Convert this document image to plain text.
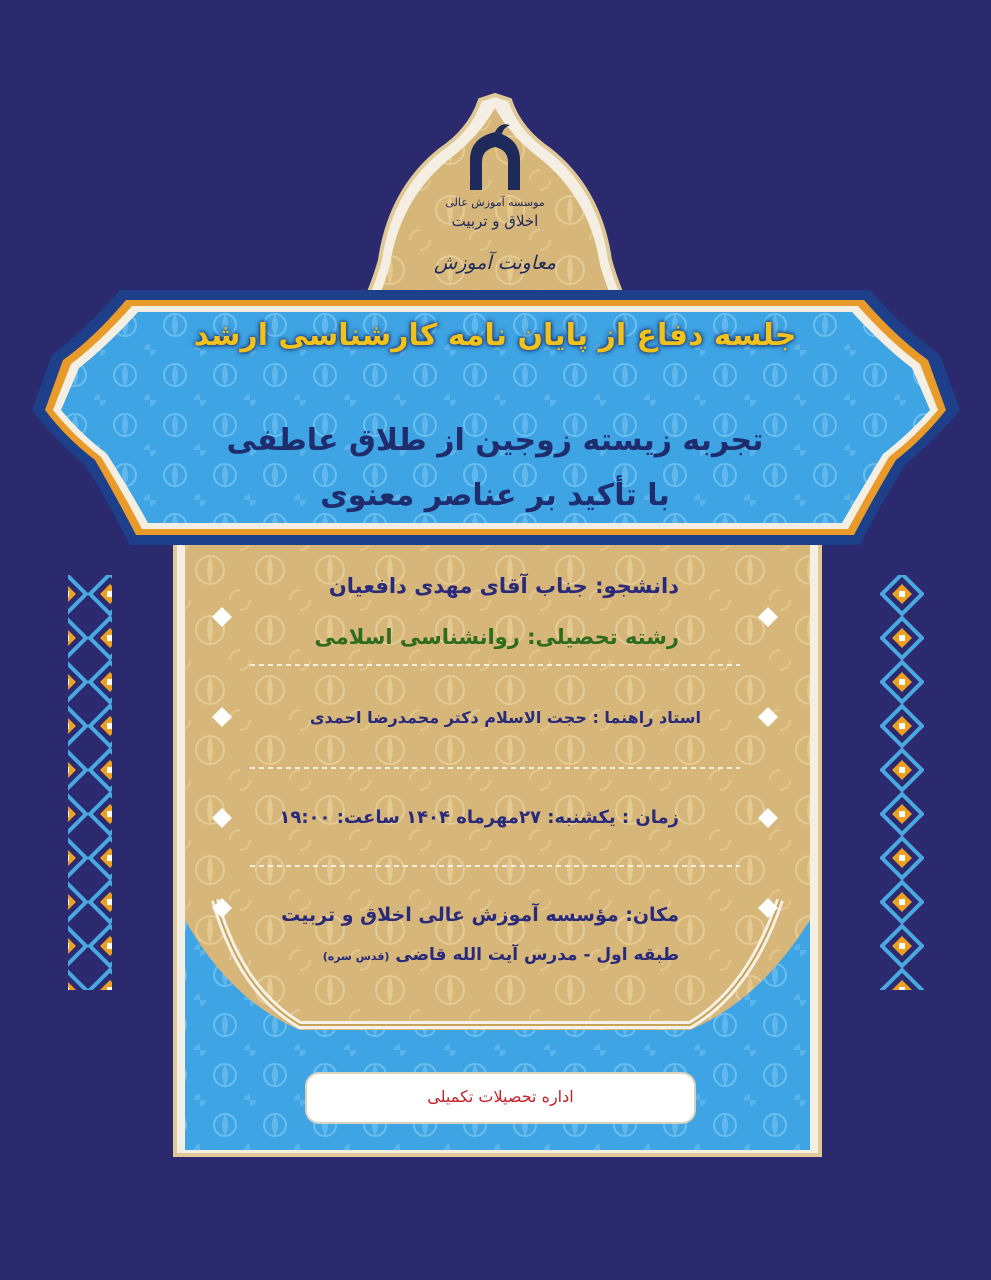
موسسه آموزش عالی
اخلاق و تربیت
معاونت آموزش
جلسه دفاع از پایان نامه کارشناسی ارشد
تجربه زیسته زوجین از طلاق عاطفی
با تأکید بر عناصر معنوی
دانشجو: جناب آقای مهدی دافعیان
رشته تحصیلی: روانشناسی اسلامی
استاد راهنما : حجت الاسلام دکتر محمدرضا احمدی
زمان : یکشنبه: ۲۷مهرماه ۱۴۰۴ ساعت: ۱۹:۰۰
مکان: مؤسسه آموزش عالی اخلاق و تربیت
طبقه اول - مدرس آیت الله قاضی (قدس سره)
اداره تحصیلات تکمیلی
